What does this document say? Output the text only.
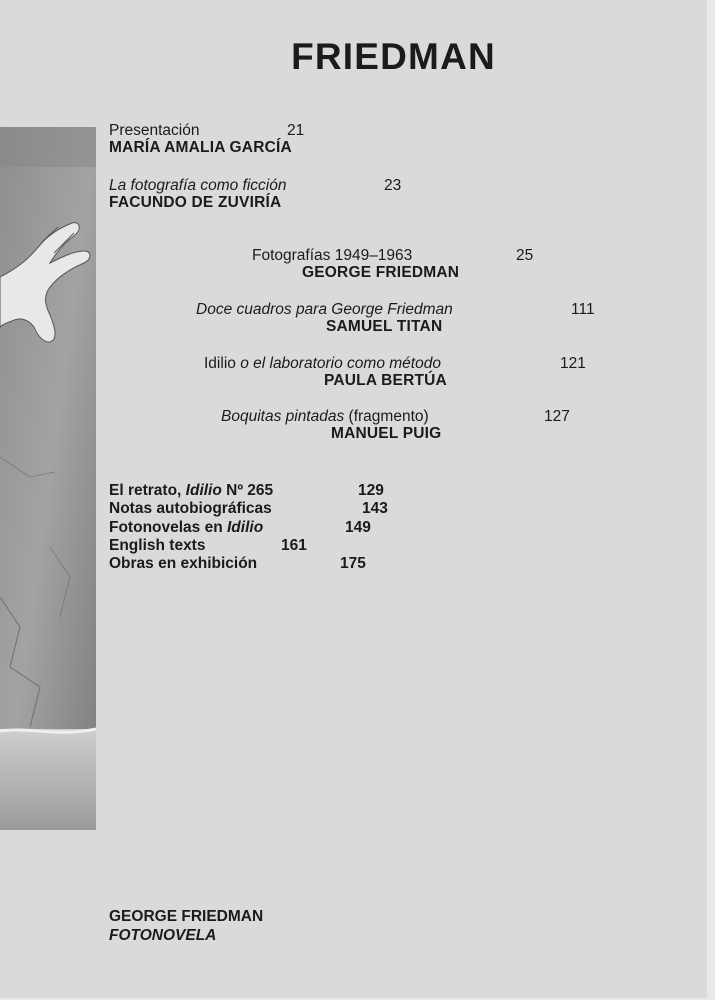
FRIEDMAN
Presentación	21
MARÍA AMALIA GARCÍA
La fotografía como ficción	23
FACUNDO DE ZUVIRÍA
Fotografías 1949–1963	25
GEORGE FRIEDMAN
Doce cuadros para George Friedman	111
SAMUEL TITAN
Idilio o el laboratorio como método	121
PAULA BERTÚA
Boquitas pintadas (fragmento)	127
MANUEL PUIG
El retrato, Idilio Nº 265	129
Notas autobiográficas	143
Fotonovelas en Idilio	149
English texts	161
Obras en exhibición	175
GEORGE FRIEDMAN
FOTONOVELA
